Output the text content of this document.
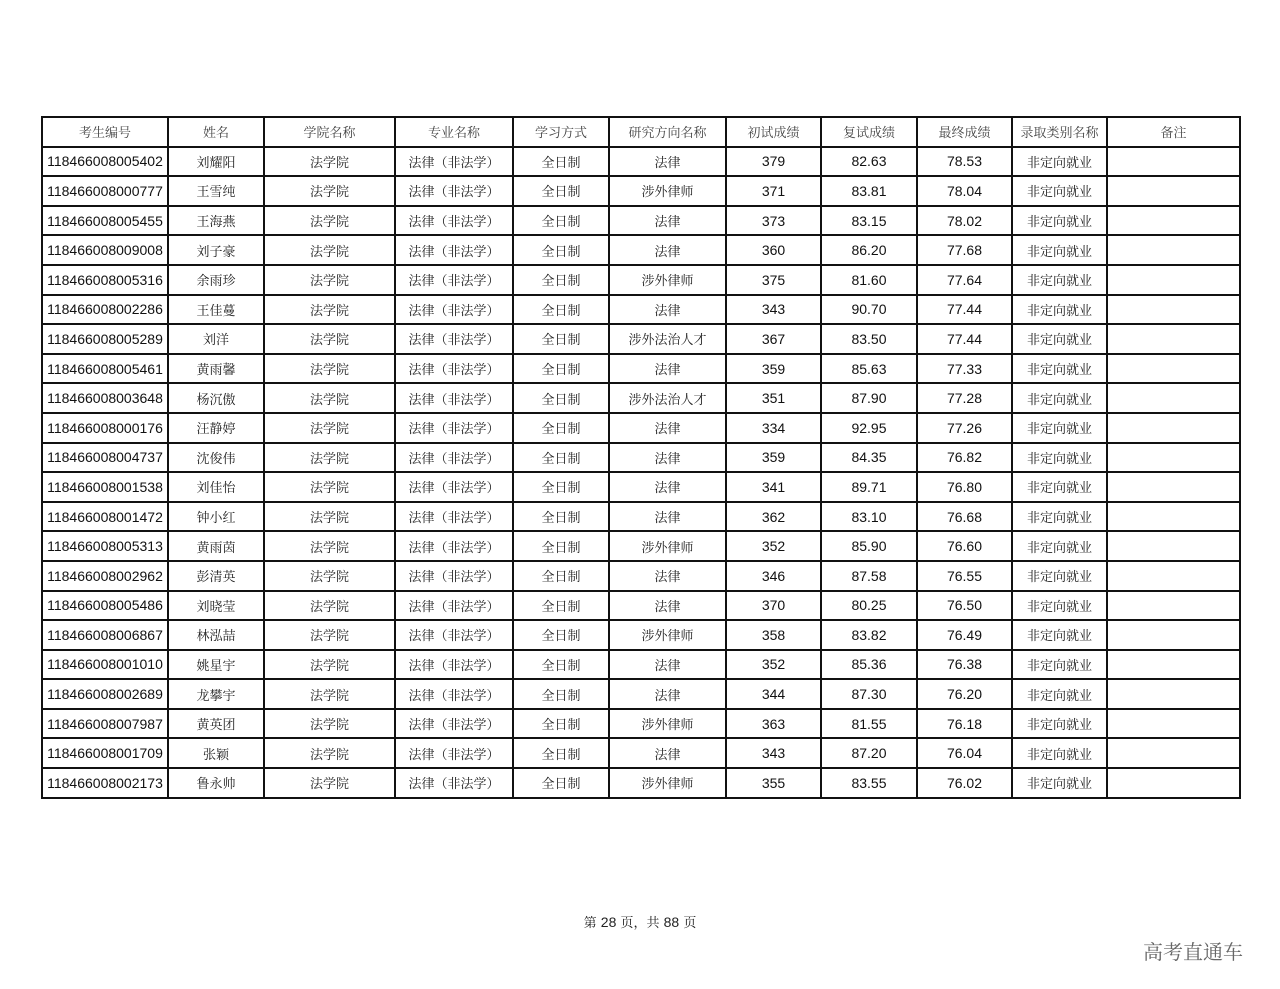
考生编号	姓名	学院名称	专业名称	学习方式	研究方向名称	初试成绩	复试成绩	最终成绩	录取类别名称	备注
118466008005402	刘耀阳	法学院	法律（非法学）	全日制	法律	379	82.63	78.53	非定向就业	
118466008000777	王雪纯	法学院	法律（非法学）	全日制	涉外律师	371	83.81	78.04	非定向就业	
118466008005455	王海燕	法学院	法律（非法学）	全日制	法律	373	83.15	78.02	非定向就业	
118466008009008	刘子豪	法学院	法律（非法学）	全日制	法律	360	86.20	77.68	非定向就业	
118466008005316	余雨珍	法学院	法律（非法学）	全日制	涉外律师	375	81.60	77.64	非定向就业	
118466008002286	王佳蔓	法学院	法律（非法学）	全日制	法律	343	90.70	77.44	非定向就业	
118466008005289	刘洋	法学院	法律（非法学）	全日制	涉外法治人才	367	83.50	77.44	非定向就业	
118466008005461	黄雨馨	法学院	法律（非法学）	全日制	法律	359	85.63	77.33	非定向就业	
118466008003648	杨沉傲	法学院	法律（非法学）	全日制	涉外法治人才	351	87.90	77.28	非定向就业	
118466008000176	汪静婷	法学院	法律（非法学）	全日制	法律	334	92.95	77.26	非定向就业	
118466008004737	沈俊伟	法学院	法律（非法学）	全日制	法律	359	84.35	76.82	非定向就业	
118466008001538	刘佳怡	法学院	法律（非法学）	全日制	法律	341	89.71	76.80	非定向就业	
118466008001472	钟小红	法学院	法律（非法学）	全日制	法律	362	83.10	76.68	非定向就业	
118466008005313	黄雨茵	法学院	法律（非法学）	全日制	涉外律师	352	85.90	76.60	非定向就业	
118466008002962	彭清英	法学院	法律（非法学）	全日制	法律	346	87.58	76.55	非定向就业	
118466008005486	刘晓莹	法学院	法律（非法学）	全日制	法律	370	80.25	76.50	非定向就业	
118466008006867	林泓喆	法学院	法律（非法学）	全日制	涉外律师	358	83.82	76.49	非定向就业	
118466008001010	姚星宇	法学院	法律（非法学）	全日制	法律	352	85.36	76.38	非定向就业	
118466008002689	龙攀宇	法学院	法律（非法学）	全日制	法律	344	87.30	76.20	非定向就业	
118466008007987	黄英团	法学院	法律（非法学）	全日制	涉外律师	363	81.55	76.18	非定向就业	
118466008001709	张颖	法学院	法律（非法学）	全日制	法律	343	87.20	76.04	非定向就业	
118466008002173	鲁永帅	法学院	法律（非法学）	全日制	涉外律师	355	83.55	76.02	非定向就业	
第 28 页，共 88 页
高考直通车
